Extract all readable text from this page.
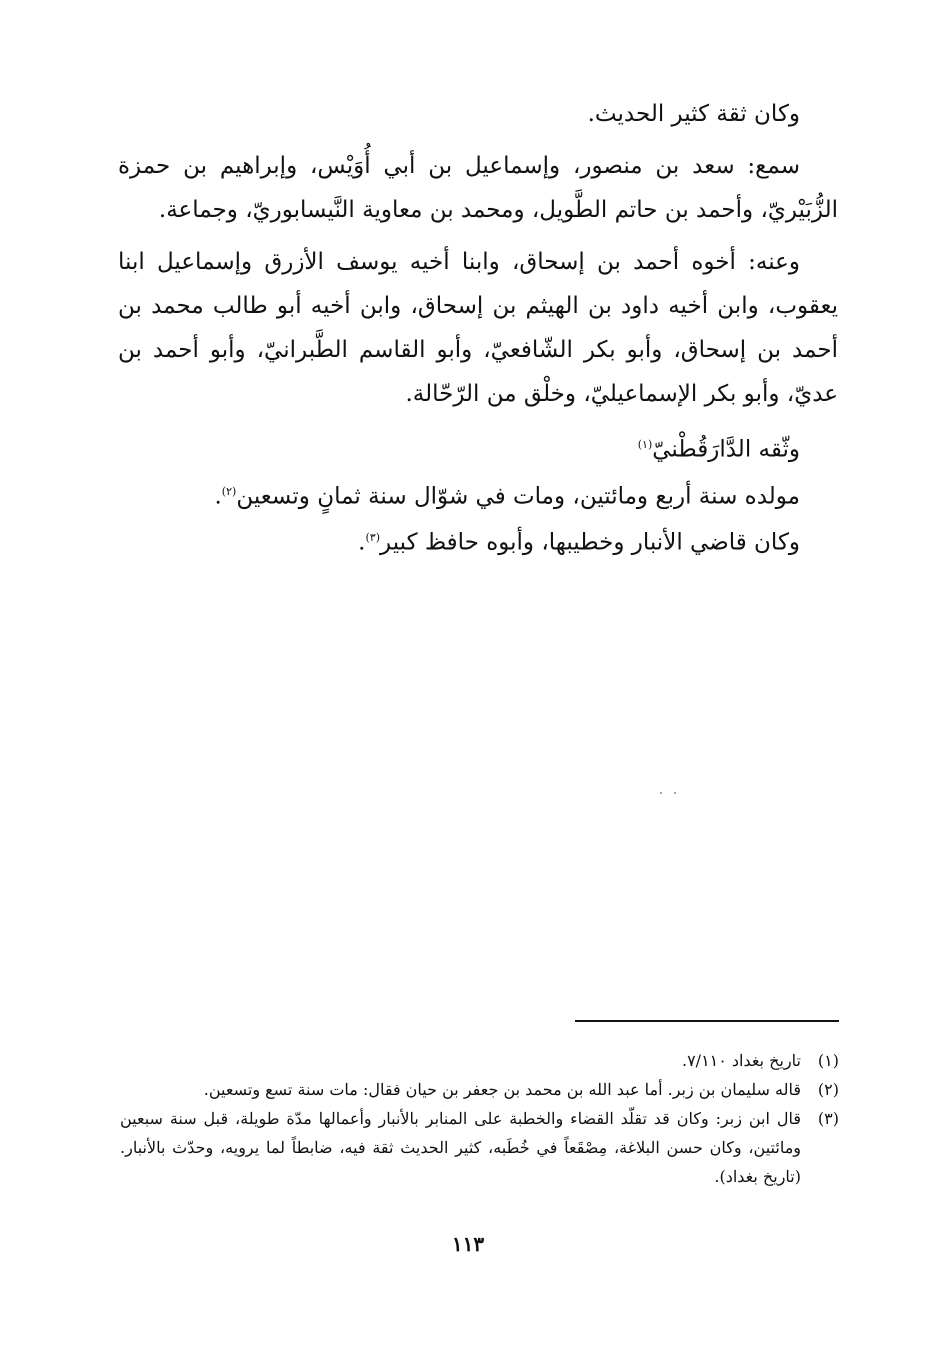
وكان ثقة كثير الحديث.

سمع: سعد بن منصور، وإسماعيل بن أبي أُوَيْس، وإبراهيم بن حمزة الزُّبَيْريّ، وأحمد بن حاتم الطَّويل، ومحمد بن معاوية النَّيسابوريّ، وجماعة.

وعنه: أخوه أحمد بن إسحاق، وابنا أخيه يوسف الأزرق وإسماعيل ابنا يعقوب، وابن أخيه داود بن الهيثم بن إسحاق، وابن أخيه أبو طالب محمد بن أحمد بن إسحاق، وأبو بكر الشّافعيّ، وأبو القاسم الطَّبرانيّ، وأبو أحمد بن عديّ، وأبو بكر الإسماعيليّ، وخلْق من الرّحّالة.

وثّقه الدَّارَقُطْنيّ$^{(١)}$

مولده سنة أربع ومائتين، ومات في شوّال سنة ثمانٍ وتسعين$^{(٢)}$.

وكان قاضي الأنبار وخطيبها، وأبوه حافظ كبير$^{(٣)}$.

(١)
تاريخ بغداد ٧/١١٠.

(٢)
قاله سليمان بن زبر. أما عبد الله بن محمد بن جعفر بن حيان فقال: مات سنة تسع وتسعين.

(٣)
قال ابن زبر: وكان قد تقلّد القضاء والخطبة على المنابر بالأنبار وأعمالها مدّة طويلة، قبل سنة سبعين ومائتين، وكان حسن البلاغة، مِصْقَعاً في خُطَبه، كثير الحديث ثقة فيه، ضابطاً لما يرويه، وحدّث بالأنبار. (تاريخ بغداد).

١١٣
